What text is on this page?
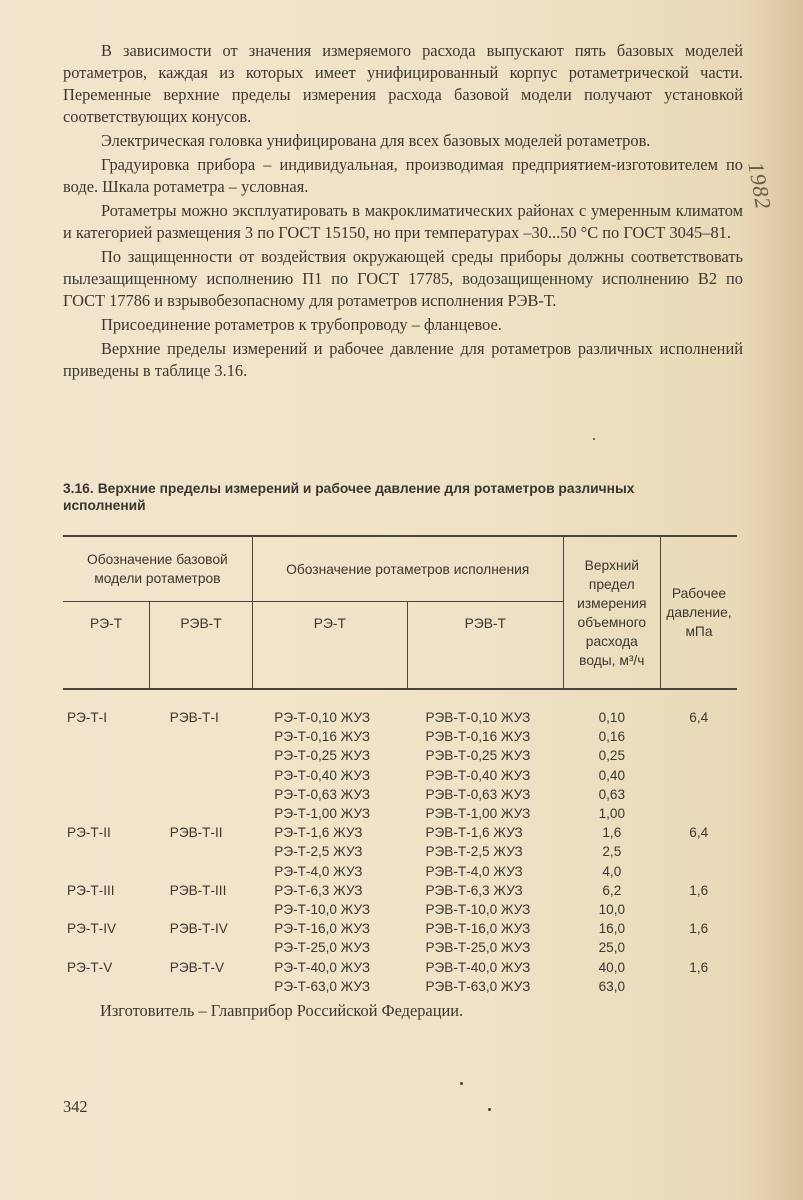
В зависимости от значения измеряемого расхода выпускают пять базовых моделей ротаметров, каждая из которых имеет унифицированный корпус ротаметрической части. Переменные верхние пределы измерения расхода базовой модели получают установкой соответствующих конусов.

Электрическая головка унифицирована для всех базовых моделей ротаметров.

Градуировка прибора – индивидуальная, производимая предприятием-изготовителем по воде. Шкала ротаметра – условная.

Ротаметры можно эксплуатировать в макроклиматических районах с умеренным климатом и категорией размещения 3 по ГОСТ 15150, но при температурах –30...50 °С по ГОСТ 3045–81.

По защищенности от воздействия окружающей среды приборы должны соответствовать пылезащищенному исполнению П1 по ГОСТ 17785, водозащищенному исполнению В2 по ГОСТ 17786 и взрывобезопасному для ротаметров исполнения РЭВ-Т.

Присоединение ротаметров к трубопроводу – фланцевое.

Верхние пределы измерений и рабочее давление для ротаметров различных исполнений приведены в таблице 3.16.

3.16. Верхние пределы измерений и рабочее давление для ротаметров различных исполнений
Обозначение базовой модели ротаметров		Обозначение ротаметров исполнения		Верхний предел измерения объемного расхода воды, м³/ч	Рабочее давление, мПа
РЭ-Т	РЭВ-Т	РЭ-Т	РЭВ-Т		
РЭ-Т-I	РЭВ-Т-I	РЭ-Т-0,10 ЖУЗ	РЭВ-Т-0,10 ЖУЗ	0,10	6,4
		РЭ-Т-0,16 ЖУЗ	РЭВ-Т-0,16 ЖУЗ	0,16	
		РЭ-Т-0,25 ЖУЗ	РЭВ-Т-0,25 ЖУЗ	0,25	
		РЭ-Т-0,40 ЖУЗ	РЭВ-Т-0,40 ЖУЗ	0,40	
		РЭ-Т-0,63 ЖУЗ	РЭВ-Т-0,63 ЖУЗ	0,63	
		РЭ-Т-1,00 ЖУЗ	РЭВ-Т-1,00 ЖУЗ	1,00	
РЭ-Т-II	РЭВ-Т-II	РЭ-Т-1,6 ЖУЗ	РЭВ-Т-1,6 ЖУЗ	1,6	6,4
		РЭ-Т-2,5 ЖУЗ	РЭВ-Т-2,5 ЖУЗ	2,5	
		РЭ-Т-4,0 ЖУЗ	РЭВ-Т-4,0 ЖУЗ	4,0	
РЭ-Т-III	РЭВ-Т-III	РЭ-Т-6,3 ЖУЗ	РЭВ-Т-6,3 ЖУЗ	6,2	1,6
		РЭ-Т-10,0 ЖУЗ	РЭВ-Т-10,0 ЖУЗ	10,0	
РЭ-Т-IV	РЭВ-Т-IV	РЭ-Т-16,0 ЖУЗ	РЭВ-Т-16,0 ЖУЗ	16,0	1,6
		РЭ-Т-25,0 ЖУЗ	РЭВ-Т-25,0 ЖУЗ	25,0	
РЭ-Т-V	РЭВ-Т-V	РЭ-Т-40,0 ЖУЗ	РЭВ-Т-40,0 ЖУЗ	40,0	1,6
		РЭ-Т-63,0 ЖУЗ	РЭВ-Т-63,0 ЖУЗ	63,0	
Изготовитель – Главприбор Российской Федерации.
342
1982
